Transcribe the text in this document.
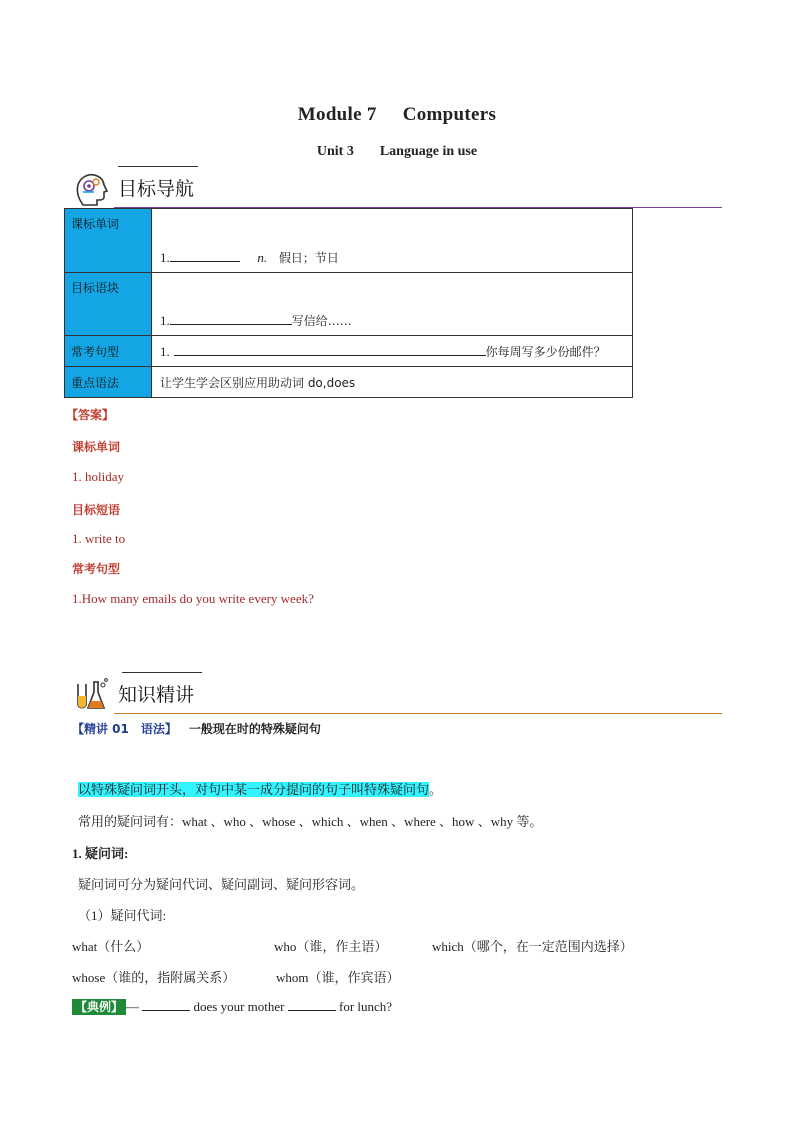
Module 7 Computers
Unit 3 Language in use
目标导航
课标单词	1. n. 假日；节日
目标语块	1. 写信给……
常考句型	1. 你每周写多少份邮件？
重点语法	让学生学会区别应用助动词 do,does
【答案】
课标单词
1. holiday
目标短语
1. write to
常考句型
1.How many emails do you write every week?
知识精讲
【精讲 01 语法】 一般现在时的特殊疑问句
以特殊疑问词开头，对句中某一成分提问的句子叫特殊疑问句。
常用的疑问词有：what 、who 、whose 、which 、when 、where 、how 、why 等。
1. 疑问词:
疑问词可分为疑问代词、疑问副词、疑问形容词。
（1）疑问代词:
what（什么）	who（谁，作主语）	which（哪个，在一定范围内选择）
whose（谁的，指附属关系）	whom（谁，作宾语）
【典例】 —	does your mother	for lunch?
